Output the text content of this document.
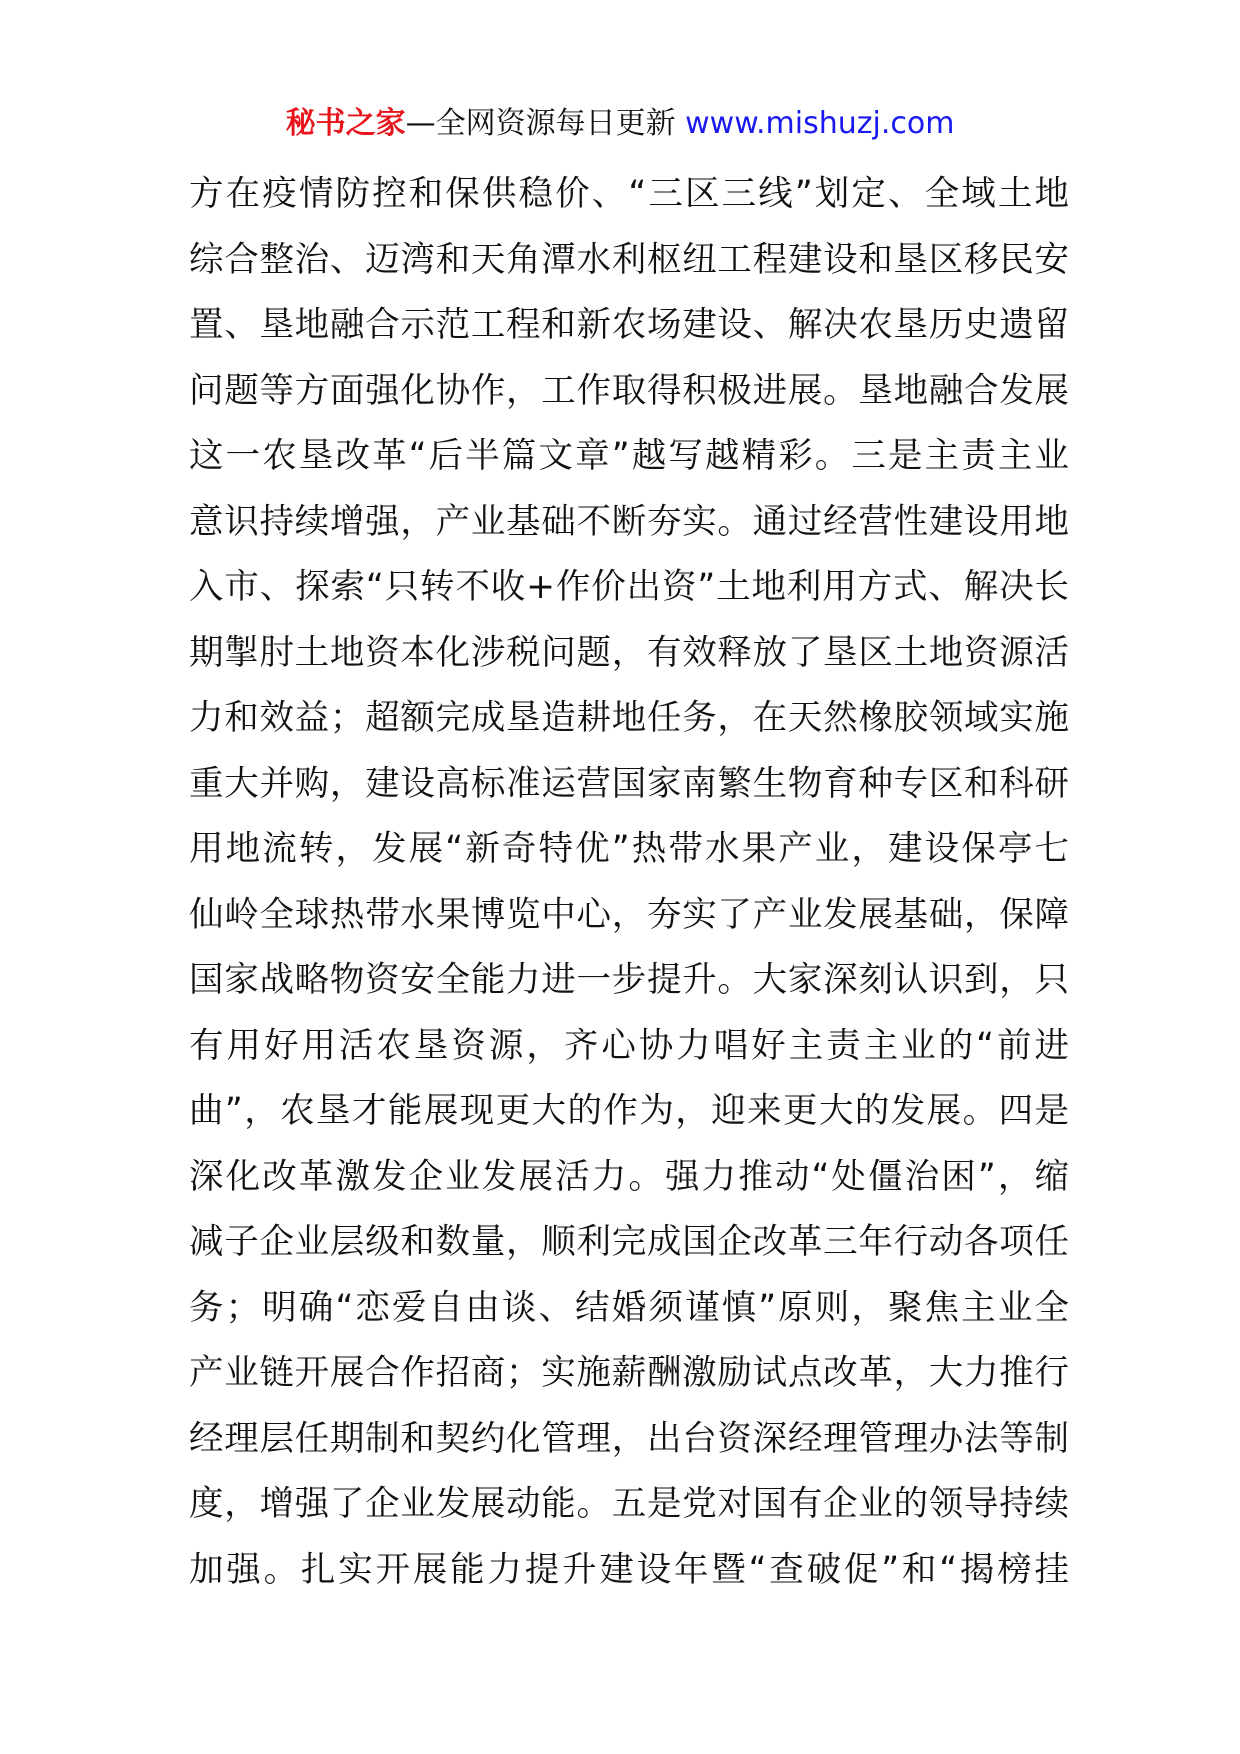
秘书之家—全网资源每日更新 www.mishuzj.com
方在疫情防控和保供稳价、“三区三线”划定、全域土地
综合整治、迈湾和天角潭水利枢纽工程建设和垦区移民安
置、垦地融合示范工程和新农场建设、解决农垦历史遗留
问题等方面强化协作，工作取得积极进展。垦地融合发展
这一农垦改革“后半篇文章”越写越精彩。三是主责主业
意识持续增强，产业基础不断夯实。通过经营性建设用地
入市、探索“只转不收+作价出资”土地利用方式、解决长
期掣肘土地资本化涉税问题，有效释放了垦区土地资源活
力和效益；超额完成垦造耕地任务，在天然橡胶领域实施
重大并购，建设高标准运营国家南繁生物育种专区和科研
用地流转，发展“新奇特优”热带水果产业，建设保亭七
仙岭全球热带水果博览中心，夯实了产业发展基础，保障
国家战略物资安全能力进一步提升。大家深刻认识到，只
有用好用活农垦资源，齐心协力唱好主责主业的“前进
曲”，农垦才能展现更大的作为，迎来更大的发展。四是
深化改革激发企业发展活力。强力推动“处僵治困”，缩
减子企业层级和数量，顺利完成国企改革三年行动各项任
务；明确“恋爱自由谈、结婚须谨慎”原则，聚焦主业全
产业链开展合作招商；实施薪酬激励试点改革，大力推行
经理层任期制和契约化管理，出台资深经理管理办法等制
度，增强了企业发展动能。五是党对国有企业的领导持续
加强。扎实开展能力提升建设年暨“查破促”和“揭榜挂
